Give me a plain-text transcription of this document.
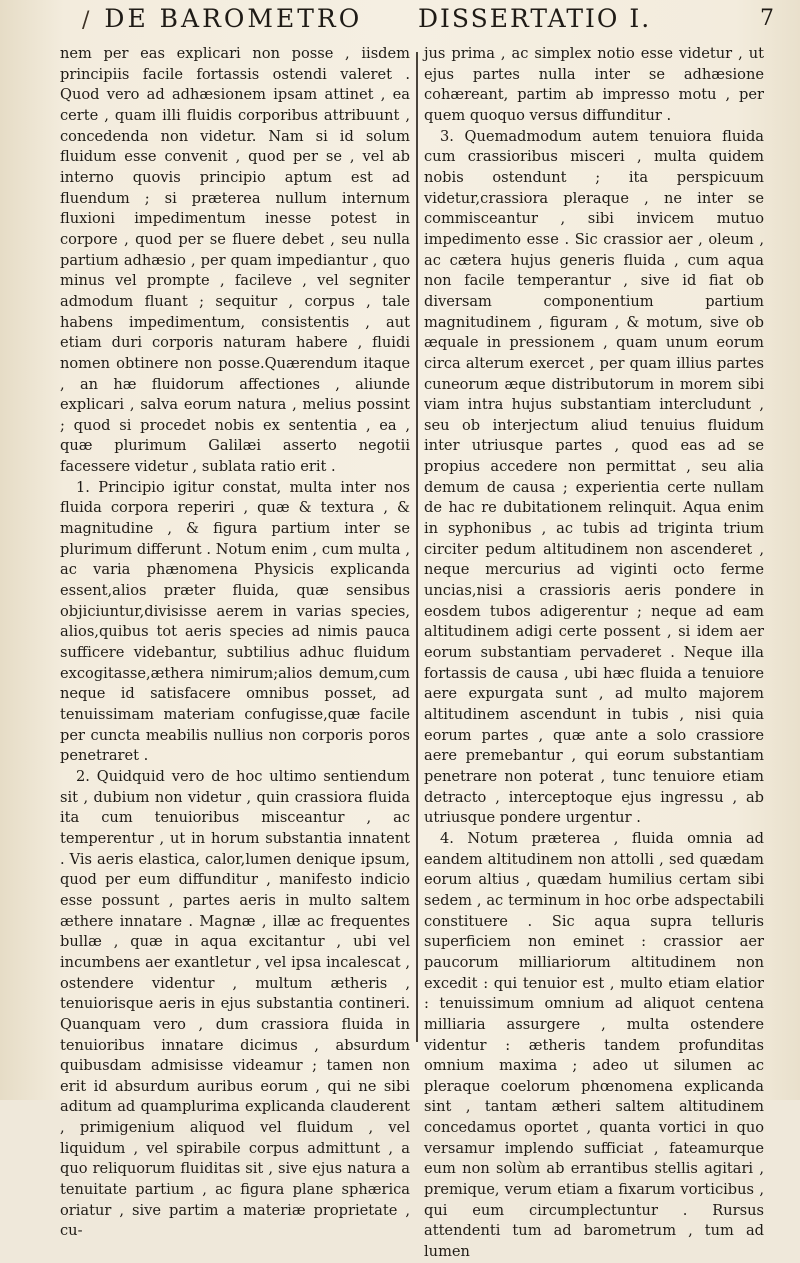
/ DE BAROMETRO	DISSERTATIO I.	7

nem per eas explicari non posse , iisdem principiis facile fortassis ostendi valeret . Quod vero ad adhæsionem ipsam attinet , ea certe , quam illi fluidis corporibus attribuunt , concedenda non videtur. Nam si id solum fluidum esse convenit , quod per se , vel ab interno quovis principio aptum est ad fluendum ; si præterea nullum internum fluxioni impedimentum inesse potest in corpore , quod per se fluere debet , seu nulla partium adhæsio , per quam impediantur , quo minus vel prompte , facileve , vel segniter admodum fluant ; sequitur , corpus , tale habens impedimentum, consistentis , aut etiam duri corporis naturam habere , fluidi nomen obtinere non posse.Quærendum itaque , an hæ fluidorum affectiones , aliunde explicari , salva eorum natura , melius possint ; quod si procedet nobis ex sententia , ea , quæ plurimum Galilæi asserto negotii facessere videtur , sublata ratio erit .

1. Principio igitur constat, multa inter nos fluida corpora reperiri , quæ & textura , & magnitudine , & figura partium inter se plurimum differunt . Notum enim , cum multa , ac varia phænomena Physicis explicanda essent,alios præter fluida, quæ sensibus objiciuntur,divisisse aerem in varias species, alios,quibus tot aeris species ad nimis pauca sufficere videbantur, subtilius adhuc fluidum excogitasse,æthera nimirum;alios demum,cum neque id satisfacere omnibus posset, ad tenuissimam materiam confugisse,quæ facile per cuncta meabilis nullius non corporis poros penetraret .

2. Quidquid vero de hoc ultimo sentiendum sit , dubium non videtur , quin crassiora fluida ita cum tenuioribus misceantur , ac temperentur , ut in horum substantia innatent . Vis aeris elastica, calor,lumen denique ipsum, quod per eum diffunditur , manifesto indicio esse possunt , partes aeris in multo saltem æthere innatare . Magnæ , illæ ac frequentes bullæ , quæ in aqua excitantur , ubi vel incumbens aer exantletur , vel ipsa incalescat , ostendere videntur , multum ætheris , tenuiorisque aeris in ejus substantia contineri. Quanquam vero , dum crassiora fluida in tenuioribus innatare dicimus , absurdum quibusdam admisisse videamur ; tamen non erit id absurdum auribus eorum , qui ne sibi aditum ad quamplurima explicanda clauderent , primigenium aliquod vel fluidum , vel liquidum , vel spirabile corpus admittunt , a quo reliquorum fluiditas sit , sive ejus natura a tenuitate partium , ac figura plane sphærica oriatur , sive partim a materiæ proprietate , cu-

jus prima , ac simplex notio esse videtur , ut ejus partes nulla inter se adhæsione cohæreant, partim ab impresso motu , per quem quoquo versus diffunditur .

3. Quemadmodum autem tenuiora fluida cum crassioribus misceri , multa quidem nobis ostendunt ; ita perspicuum videtur,crassiora pleraque , ne inter se commisceantur , sibi invicem mutuo impedimento esse . Sic crassior aer , oleum , ac cætera hujus generis fluida , cum aqua non facile temperantur , sive id fiat ob diversam componentium partium magnitudinem , figuram , & motum, sive ob æquale in pressionem , quam unum eorum circa alterum exercet , per quam illius partes cuneorum æque distributorum in morem sibi viam intra hujus substantiam intercludunt , seu ob interjectum aliud tenuius fluidum inter utriusque partes , quod eas ad se propius accedere non permittat , seu alia demum de causa ; experientia certe nullam de hac re dubitationem relinquit. Aqua enim in syphonibus , ac tubis ad triginta trium circiter pedum altitudinem non ascenderet , neque mercurius ad viginti octo ferme uncias,nisi a crassioris aeris pondere in eosdem tubos adigerentur ; neque ad eam altitudinem adigi certe possent , si idem aer eorum substantiam pervaderet . Neque illa fortassis de causa , ubi hæc fluida a tenuiore aere expurgata sunt , ad multo majorem altitudinem ascendunt in tubis , nisi quia eorum partes , quæ ante a solo crassiore aere premebantur , qui eorum substantiam penetrare non poterat , tunc tenuiore etiam detracto , interceptoque ejus ingressu , ab utriusque pondere urgentur .

4. Notum præterea , fluida omnia ad eandem altitudinem non attolli , sed quædam eorum altius , quædam humilius certam sibi sedem , ac terminum in hoc orbe adspectabili constituere . Sic aqua supra telluris superficiem non eminet : crassior aer paucorum milliariorum altitudinem non excedit : qui tenuior est , multo etiam elatior : tenuissimum omnium ad aliquot centena milliaria assurgere , multa ostendere videntur : ætheris tandem profunditas omnium maxima ; adeo ut silumen ac pleraque coelorum phœnomena explicanda sint , tantam ætheri saltem altitudinem concedamus oportet , quanta vortici in quo versamur implendo sufficiat , fateamurque eum non solùm ab errantibus stellis agitari , premique, verum etiam a fixarum vorticibus , qui eum circumplectuntur . Rursus attendenti tum ad barometrum , tum ad lumen
